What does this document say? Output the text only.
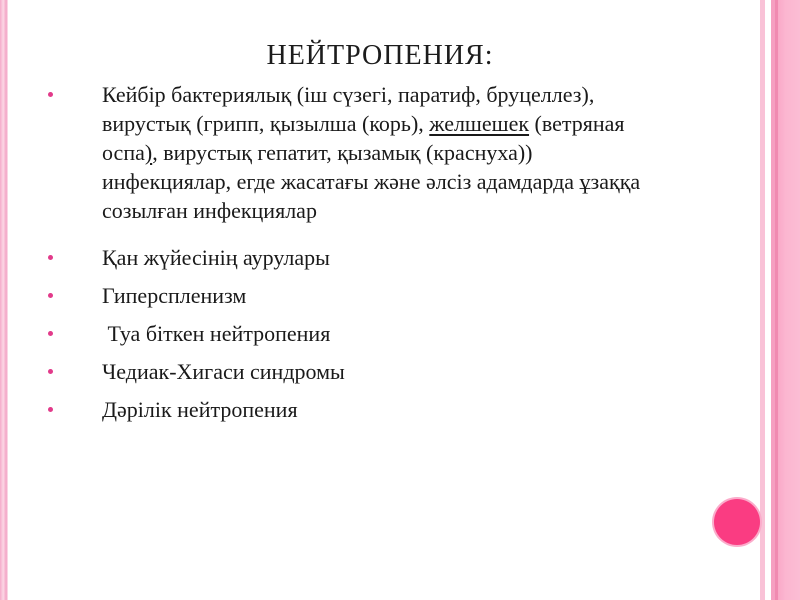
НЕЙТРОПЕНИЯ:
Кейбір бактериялық (іш сүзегі, паратиф, бруцеллез),
вирустық (грипп, қызылша (корь), желшешек (ветряная
оспа), вирустық гепатит, қызамық (краснуха))
инфекциялар, егде жасатағы және әлсіз адамдарда ұзаққа
созылған инфекциялар
Қан жүйесінің аурулары
Гиперспленизм
Туа біткен нейтропения
Чедиак-Хигаси синдромы
Дәрілік нейтропения
